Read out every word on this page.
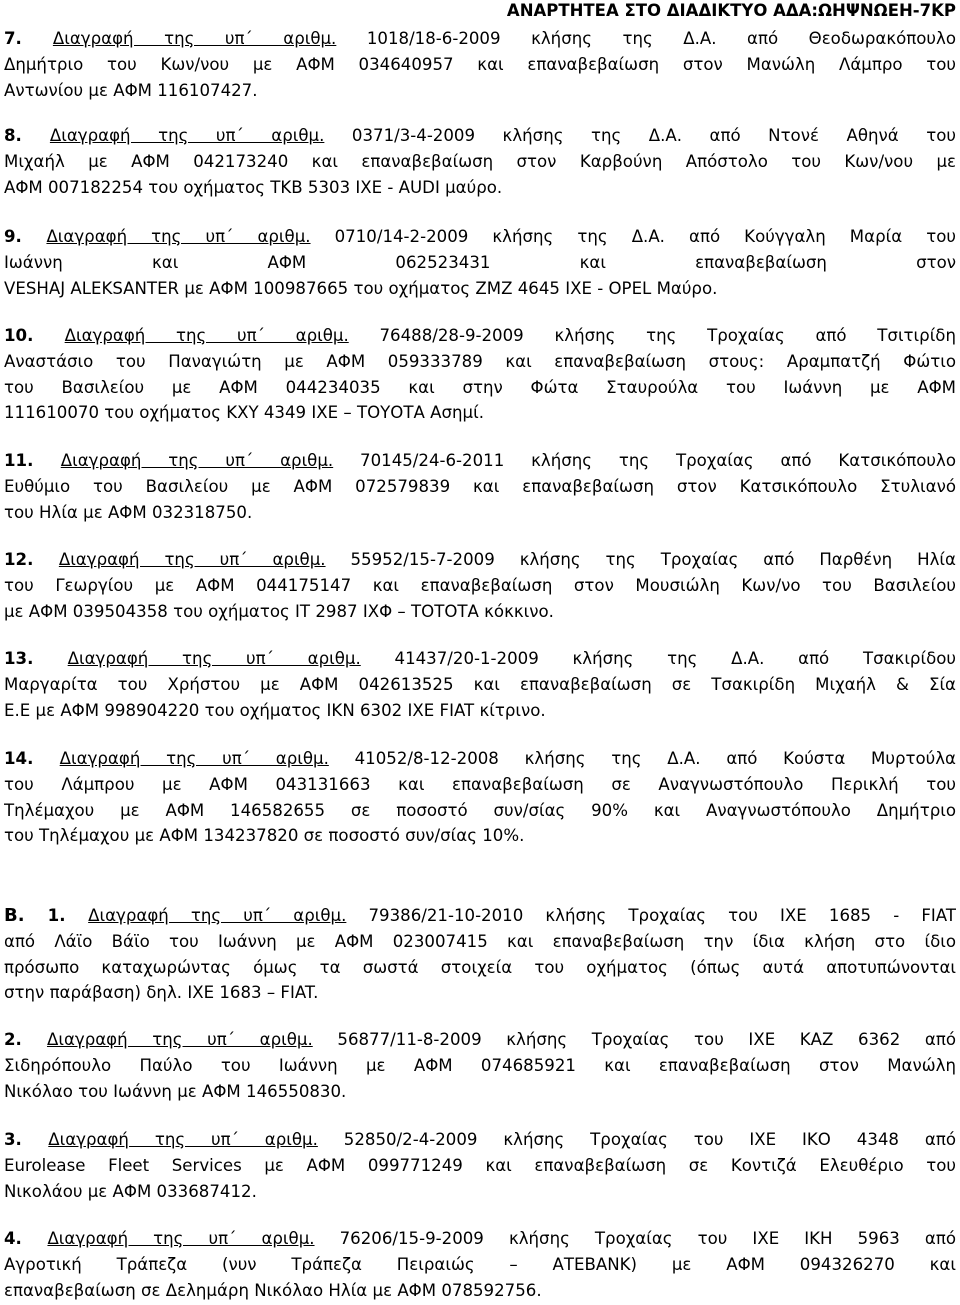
ΑΝΑΡΤΗΤΕΑ ΣΤΟ ΔΙΑΔΙΚΤΥΟ ΑΔΑ:ΩΗΨΝΩΕΗ-7ΚΡ
7. Διαγραφή της υπ΄ αριθμ. 1018/18-6-2009 κλήσης της Δ.Α. από Θεοδωρακόπουλο
Δημήτριο του Κων/νου με ΑΦΜ 034640957 και επαναβεβαίωση στον Μανώλη Λάμπρο του
Αντωνίου με ΑΦΜ 116107427.
8. Διαγραφή της υπ΄ αριθμ. 0371/3-4-2009 κλήσης της Δ.Α. από Ντονέ Αθηνά του
Μιχαήλ με ΑΦΜ 042173240 και επαναβεβαίωση στον Καρβούνη Απόστολο του Κων/νου με
ΑΦΜ 007182254 του οχήματος ΤΚΒ 5303 ΙΧΕ - AUDI μαύρο.
9. Διαγραφή της υπ΄ αριθμ. 0710/14-2-2009 κλήσης της Δ.Α. από Κούγγαλη Μαρία του
Ιωάννη και ΑΦΜ 062523431 και επαναβεβαίωση στον
VESHAJ ALEKSANTER με ΑΦΜ 100987665 του οχήματος ΖΜΖ 4645 ΙΧΕ - OPEL Μαύρο.
10. Διαγραφή της υπ΄ αριθμ. 76488/28-9-2009 κλήσης της Τροχαίας από Τσιτιρίδη
Αναστάσιο του Παναγιώτη με ΑΦΜ 059333789 και επαναβεβαίωση στους: Αραμπατζή Φώτιο
του Βασιλείου με ΑΦΜ 044234035 και στην Φώτα Σταυρούλα του Ιωάννη με ΑΦΜ
111610070 του οχήματος ΚΧΥ 4349 ΙΧΕ – ΤΟΥΟΤΑ Ασημί.
11. Διαγραφή της υπ΄ αριθμ. 70145/24-6-2011 κλήσης της Τροχαίας από Κατσικόπουλο
Ευθύμιο του Βασιλείου με ΑΦΜ 072579839 και επαναβεβαίωση στον Κατσικόπουλο Στυλιανό
του Ηλία με ΑΦΜ 032318750.
12. Διαγραφή της υπ΄ αριθμ. 55952/15-7-2009 κλήσης της Τροχαίας από Παρθένη Ηλία
του Γεωργίου με ΑΦΜ 044175147 και επαναβεβαίωση στον Μουσιώλη Κων/νο του Βασιλείου
με ΑΦΜ 039504358 του οχήματος ΙΤ 2987 ΙΧΦ – ΤΟΤΟΤΑ κόκκινο.
13. Διαγραφή της υπ΄ αριθμ. 41437/20-1-2009 κλήσης της Δ.Α. από Τσακιρίδου
Μαργαρίτα του Χρήστου με ΑΦΜ 042613525 και επαναβεβαίωση σε Τσακιρίδη Μιχαήλ & Σία
Ε.Ε με ΑΦΜ 998904220 του οχήματος ΙΚΝ 6302 ΙΧΕ FIAT κίτρινο.
14. Διαγραφή της υπ΄ αριθμ. 41052/8-12-2008 κλήσης της Δ.Α. από Κούστα Μυρτούλα
του Λάμπρου με ΑΦΜ 043131663 και επαναβεβαίωση σε Αναγνωστόπουλο Περικλή του
Τηλέμαχου με ΑΦΜ 146582655 σε ποσοστό συν/σίας 90% και Αναγνωστόπουλο Δημήτριο
του Τηλέμαχου με ΑΦΜ 134237820 σε ποσοστό συν/σίας 10%.
Β. 1. Διαγραφή της υπ΄ αριθμ. 79386/21-10-2010 κλήσης Τροχαίας του ΙΧΕ 1685 - FIAT
από Λάϊο Βάϊο του Ιωάννη με ΑΦΜ 023007415 και επαναβεβαίωση την ίδια κλήση στο ίδιο
πρόσωπο καταχωρώντας όμως τα σωστά στοιχεία του οχήματος (όπως αυτά αποτυπώνονται
στην παράβαση) δηλ. ΙΧΕ 1683 – FIAT.
2. Διαγραφή της υπ΄ αριθμ. 56877/11-8-2009 κλήσης Τροχαίας του ΙΧΕ ΚΑΖ 6362 από
Σιδηρόπουλο Παύλο του Ιωάννη με ΑΦΜ 074685921 και επαναβεβαίωση στον Μανώλη
Νικόλαο του Ιωάννη με ΑΦΜ 146550830.
3. Διαγραφή της υπ΄ αριθμ. 52850/2-4-2009 κλήσης Τροχαίας του ΙΧΕ ΙΚΟ 4348 από
Eurolease Fleet Services με ΑΦΜ 099771249 και επαναβεβαίωση σε Κοντιζά Ελευθέριο του
Νικολάου με ΑΦΜ 033687412.
4. Διαγραφή της υπ΄ αριθμ. 76206/15-9-2009 κλήσης Τροχαίας του ΙΧΕ ΙΚΗ 5963 από
Αγροτική Τράπεζα (νυν Τράπεζα Πειραιώς – ΑΤΕΒΑΝΚ) με ΑΦΜ 094326270 και
επαναβεβαίωση σε Δελημάρη Νικόλαο Ηλία με ΑΦΜ 078592756.
